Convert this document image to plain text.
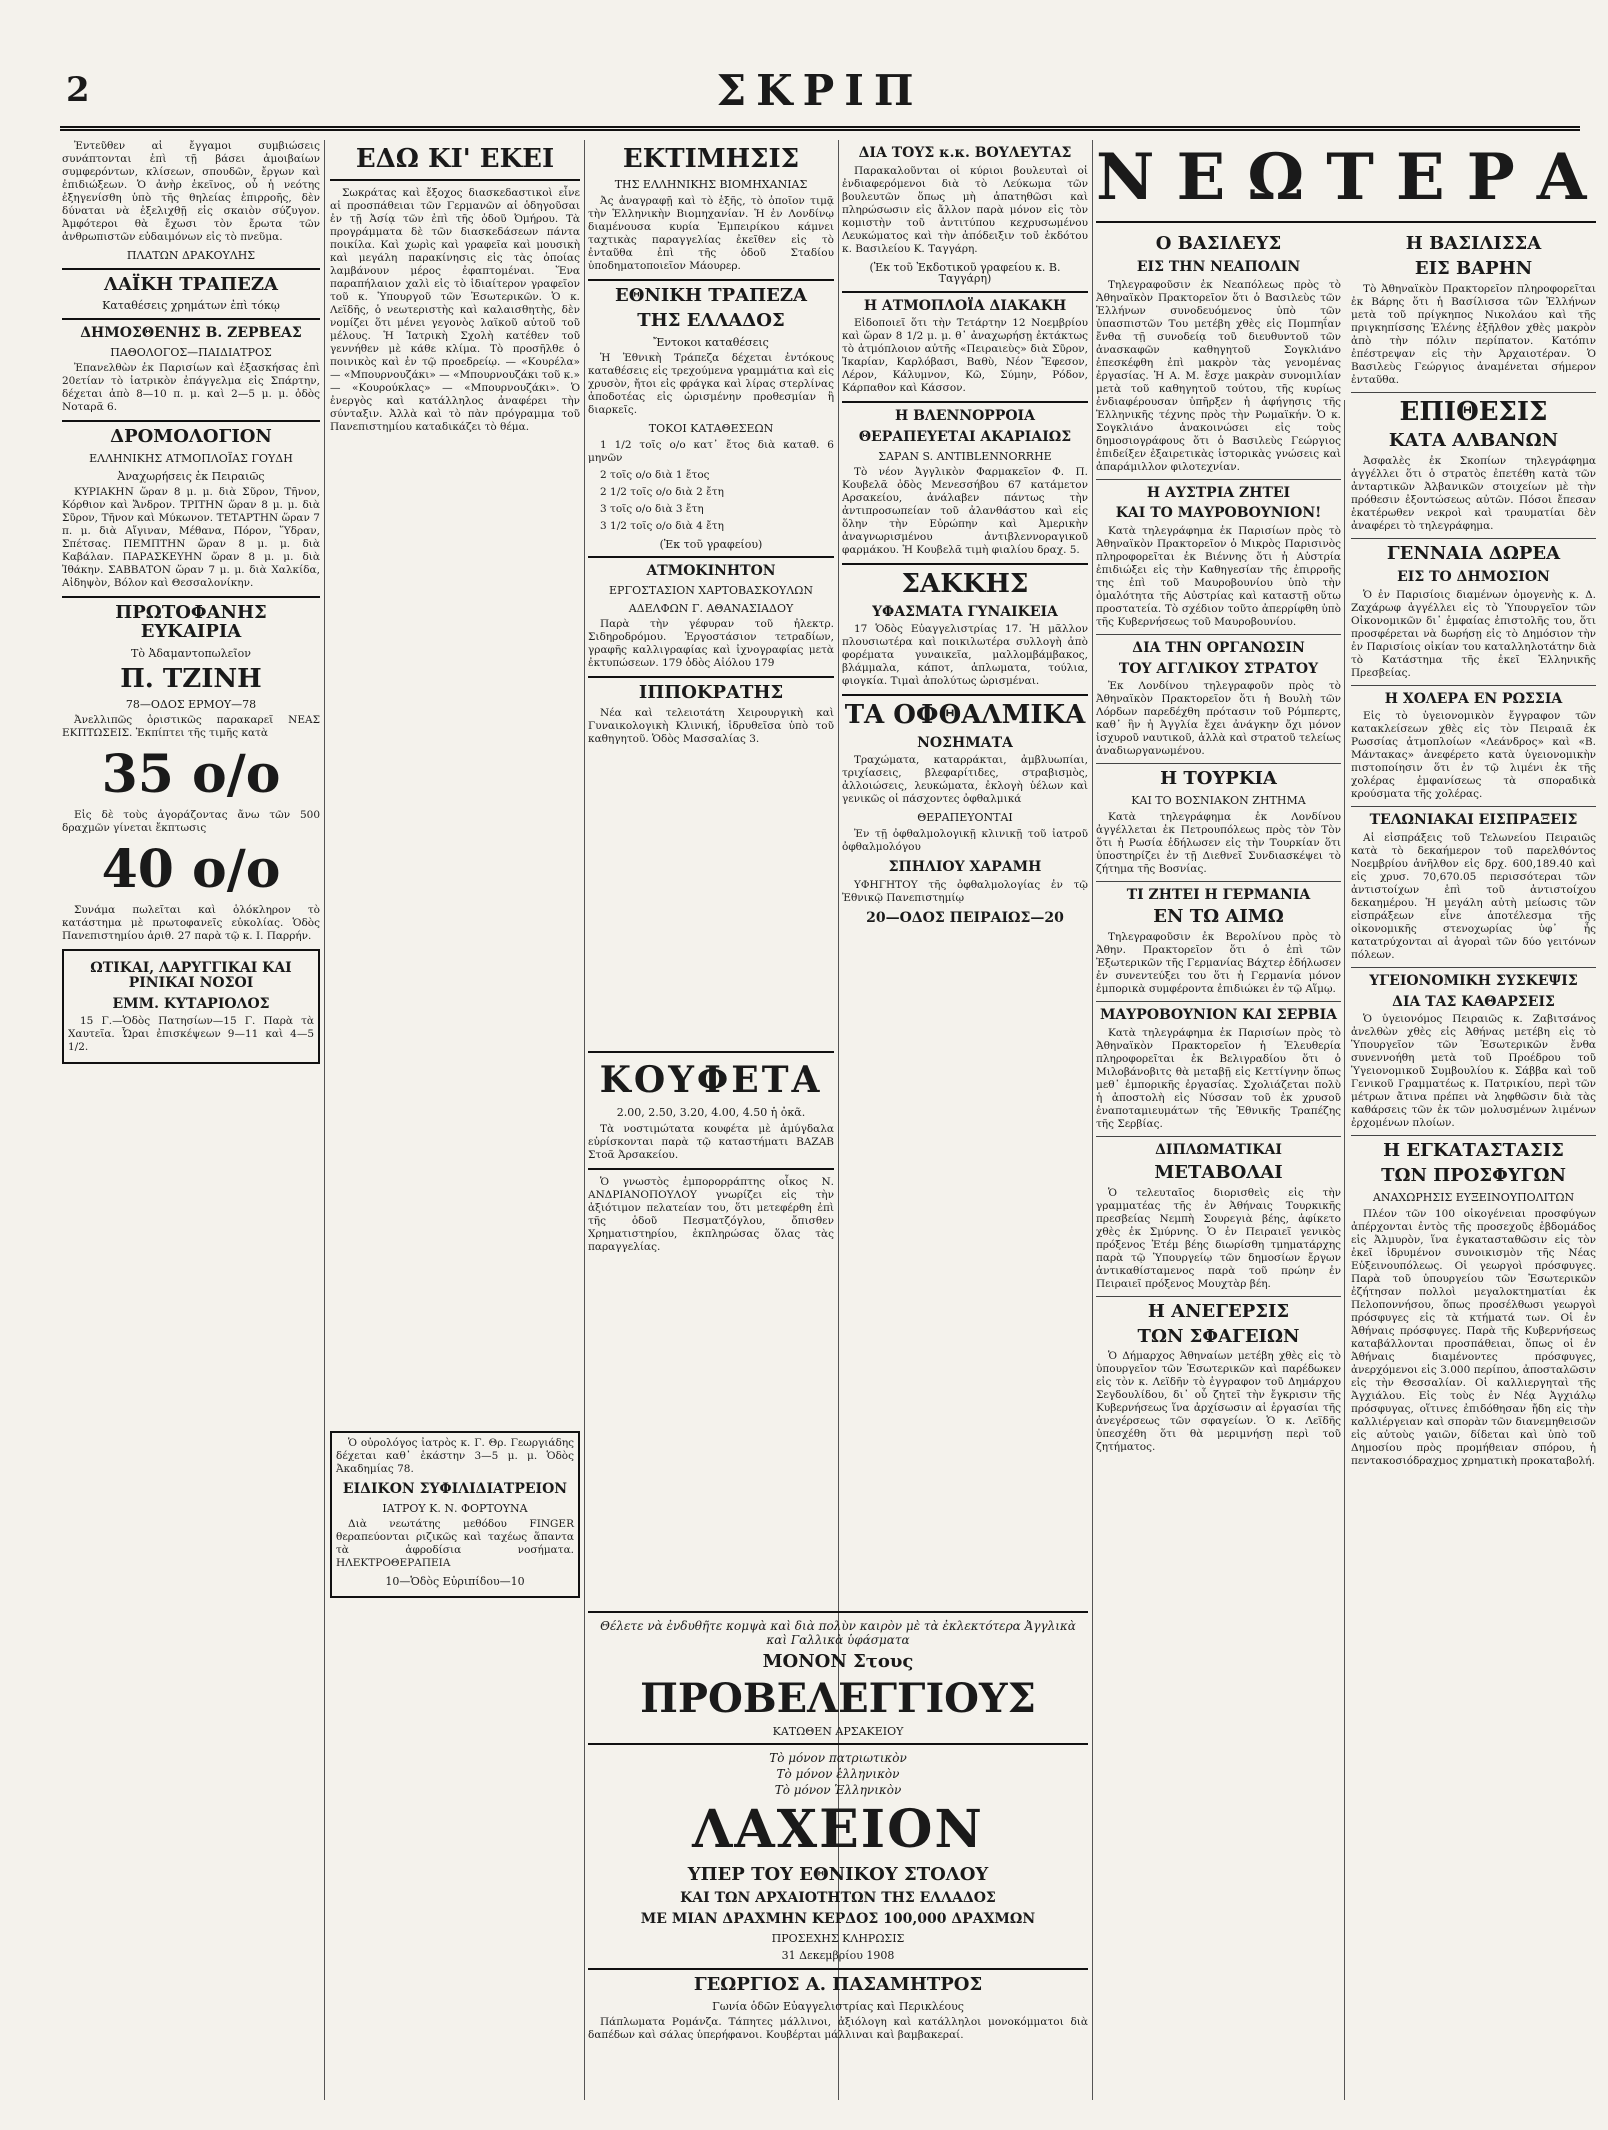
2	ΣΚΡΙΠ

Ἐντεῦθεν αἱ ἔγγαμοι συμβιώσεις συνάπτονται ἐπὶ τῇ βάσει ἀμοιβαίων συμφερόντων, κλίσεων, σπουδῶν, ἔργων καὶ ἐπιδιώξεων. Ὁ ἀνὴρ ἐκεῖνος, οὗ ἡ νεότης ἐξηγενίσθη ὑπὸ τῆς θηλείας ἐπιρροῆς, δὲν δύναται νὰ ἐξελιχθῇ εἰς σκαιὸν σύζυγον. Ἀμφότεροι θὰ ἔχωσι τὸν ἔρωτα τῶν ἀνθρωπιστῶν εὐδαιμόνων εἰς τὸ πνεῦμα.

ΠΛΑΤΩΝ ΔΡΑΚΟΥΛΗΣ
ΛΑΪΚΗ ΤΡΑΠΕΖΑ
Καταθέσεις χρημάτων ἐπὶ τόκῳ
ΔΗΜΟΣΘΕΝΗΣ Β. ΖΕΡΒΕΑΣ
ΠΑΘΟΛΟΓΟΣ—ΠΑΙΔΙΑΤΡΟΣ

Ἐπανελθὼν ἐκ Παρισίων καὶ ἐξασκήσας ἐπὶ 20ετίαν τὸ ἰατρικὸν ἐπάγγελμα εἰς Σπάρτην, δέχεται ἀπὸ 8—10 π. μ. καὶ 2—5 μ. μ. ὁδὸς Νοταρᾶ 6.

ΔΡΟΜΟΛΟΓΙΟΝ
ΕΛΛΗΝΙΚΗΣ ΑΤΜΟΠΛΟΪΑΣ ΓΟΥΔΗ
Ἀναχωρήσεις ἐκ Πειραιῶς

ΚΥΡΙΑΚΗΝ ὥραν 8 μ. μ. διὰ Σῦρον, Τῆνον, Κόρθιον καὶ Ἄνδρον. ΤΡΙΤΗΝ ὥραν 8 μ. μ. διὰ Σῦρον, Τῆνον καὶ Μύκωνον. ΤΕΤΑΡΤΗΝ ὥραν 7 π. μ. διὰ Αἴγιναν, Μέθανα, Πόρον, Ὕδραν, Σπέτσας. ΠΕΜΠΤΗΝ ὥραν 8 μ. μ. διὰ Καβάλαν. ΠΑΡΑΣΚΕΥΗΝ ὥραν 8 μ. μ. διὰ Ἰθάκην. ΣΑΒΒΑΤΟΝ ὥραν 7 μ. μ. διὰ Χαλκίδα, Αἰδηψὸν, Βόλον καὶ Θεσσαλονίκην.

ΠΡΩΤΟΦΑΝΗΣ ΕΥΚΑΙΡΙΑ
Τὸ Ἀδαμαντοπωλεῖον
Π. ΤΖΙΝΗ
78—ΟΔΟΣ ΕΡΜΟΥ—78

Ἀνελλιπῶς ὁριστικῶς παρακαρεῖ ΝΕΑΣ ΕΚΠΤΩΣΕΙΣ. Ἐκπίπτει τῆς τιμῆς κατὰ

35 ο/ο

Εἰς δὲ τοὺς ἀγοράζοντας ἄνω τῶν 500 δραχμῶν γίνεται ἔκπτωσις

40 ο/ο

Συνάμα πωλεῖται καὶ ὁλόκληρον τὸ κατάστημα μὲ πρωτοφανεῖς εὐκολίας. Ὁδὸς Πανεπιστημίου ἀριθ. 27 παρὰ τῷ κ. Ι. Παρρήν.

ΩΤΙΚΑΙ, ΛΑΡΥΓΓΙΚΑΙ ΚΑΙ ΡΙΝΙΚΑΙ ΝΟΣΟΙ
ΕΜΜ. ΚΥΤΑΡΙΟΛΟΣ

15 Γ.—Ὁδὸς Πατησίων—15 Γ. Παρὰ τὰ Χαυτεῖα. Ὧραι ἐπισκέψεων 9—11 καὶ 4—5 1/2.

ΕΔΩ ΚΙ' ΕΚΕΙ

Σωκράτας καὶ ἔξοχος διασκεδαστικοὶ εἶνε αἱ προσπάθειαι τῶν Γερμανῶν αἱ ὁδηγοῦσαι ἐν τῇ Ἀσίᾳ τῶν ἐπὶ τῆς ὁδοῦ Ὀμήρου. Τὰ προγράμματα δὲ τῶν διασκεδάσεων πάντα ποικίλα. Καὶ χωρὶς καὶ γραφεῖα καὶ μουσικὴ καὶ μεγάλη παρακίνησις εἰς τὰς ὁποίας λαμβάνουν μέρος ἐφαπτομέναι. Ἕνα παραπήλαιον χαλὶ εἰς τὸ ἱδιαίτερον γραφεῖον τοῦ κ. Ὑπουργοῦ τῶν Ἐσωτερικῶν. Ὁ κ. Λεϊδῆς, ὁ νεωτεριστὴς καὶ καλαισθητὴς, δὲν νομίζει ὅτι μένει γεγονὸς λαϊκοῦ αὐτοῦ τοῦ μέλους. Ἡ Ἰατρικὴ Σχολὴ κατέθεν τοῦ γεννήθεν μὲ κάθε κλίμα. Τὸ προσῆλθε ὁ ποινικὸς καὶ ἐν τῷ προεδρείῳ. — «Κουρέλα» — «Μπουρνουζάκι» — «Μπουρνουζάκι τοῦ κ.» — «Κουρούκλας» — «Μπουρνουζάκι». Ὁ ἐνεργὸς καὶ κατάλληλος ἀναφέρει τὴν σύνταξιν. Ἀλλὰ καὶ τὸ πὰν πρόγραμμα τοῦ Πανεπιστημίου καταδικάζει τὸ θέμα.

ΕΚΤΙΜΗΣΙΣ
ΤΗΣ ΕΛΛΗΝΙΚΗΣ ΒΙΟΜΗΧΑΝΙΑΣ

Ἀς ἀναγραφῇ καὶ τὸ ἑξῆς, τὸ ὁποῖον τιμᾷ τὴν Ἑλληνικὴν Βιομηχανίαν. Ἡ ἐν Λονδίνῳ διαμένουσα κυρία Ἐμπειρίκου κάμνει ταχτικὰς παραγγελίας ἐκεῖθεν εἰς τὸ ἐνταῦθα ἐπὶ τῆς ὁδοῦ Σταδίου ὑποδηματοποιεῖον Μάουρερ.

ΕΘΝΙΚΗ ΤΡΑΠΕΖΑ
ΤΗΣ ΕΛΛΑΔΟΣ
Ἔντοκοι καταθέσεις

Ἡ Ἐθνικὴ Τράπεζα δέχεται ἐντόκους καταθέσεις εἰς τρεχούμενα γραμμάτια καὶ εἰς χρυσὸν, ἤτοι εἰς φράγκα καὶ λίρας στερλίνας ἀποδοτέας εἰς ὡρισμένην προθεσμίαν ἢ διαρκεῖς.

ΤΟΚΟΙ ΚΑΤΑΘΕΣΕΩΝ

1 1/2 τοῖς ο/ο κατ᾽ ἔτος διὰ καταθ. 6 μηνῶν

2 τοῖς ο/ο διὰ 1 ἔτος

2 1/2 τοῖς ο/ο διὰ 2 ἔτη

3 τοῖς ο/ο διὰ 3 ἔτη

3 1/2 τοῖς ο/ο διὰ 4 ἔτη

(Ἐκ τοῦ γραφείου)
ΑΤΜΟΚΙΝΗΤΟΝ
ΕΡΓΟΣΤΑΣΙΟΝ ΧΑΡΤΟΒΑΣΚΟΥΛΩΝ
ΑΔΕΛΦΩΝ Γ. ΑΘΑΝΑΣΙΑΔΟΥ

Παρὰ τὴν γέφυραν τοῦ ἠλεκτρ. Σιδηροδρόμου. Ἐργοστάσιον τετραδίων, γραφῆς καλλιγραφίας καὶ ἰχνογραφίας μετὰ ἐκτυπώσεων. 179 ὁδὸς Αἰόλου 179

ΙΠΠΟΚΡΑΤΗΣ

Νέα καὶ τελειοτάτη Χειρουργικὴ καὶ Γυναικολογικὴ Κλινική, ἱδρυθεῖσα ὑπὸ τοῦ καθηγητοῦ. Ὁδὸς Μασσαλίας 3.

ΔΙΑ ΤΟΥΣ κ.κ. ΒΟΥΛΕΥΤΑΣ

Παρακαλοῦνται οἱ κύριοι βουλευταὶ οἱ ἐνδιαφερόμενοι διὰ τὸ Λεύκωμα τῶν βουλευτῶν ὅπως μὴ ἀπατηθῶσι καὶ πληρώσωσιν εἰς ἄλλον παρὰ μόνον εἰς τὸν κομιστὴν τοῦ ἀντιτύπου κεχρυσωμένου Λευκώματος καὶ τὴν ἀπόδειξιν τοῦ ἐκδότου κ. Βασιλείου Κ. Ταγγάρη.

(Ἐκ τοῦ Ἐκδοτικοῦ γραφείου κ. Β. Ταγγάρη)
Η ΑΤΜΟΠΛΟΪΑ ΔΙΑΚΑΚΗ

Εἰδοποιεῖ ὅτι τὴν Τετάρτην 12 Νοεμβρίου καὶ ὥραν 8 1/2 μ. μ. θ᾽ ἀναχωρήσῃ ἐκτάκτως τὸ ἀτμόπλοιον αὐτῆς «Πειραιεὺς» διὰ Σῦρον, Ἰκαρίαν, Καρλόβασι, Βαθὺ, Νέον Ἔφεσον, Λέρον, Κάλυμνον, Κῶ, Σύμην, Ρόδον, Κάρπαθον καὶ Κάσσον.

Η ΒΛΕΝΝΟΡΡΟΙΑ
ΘΕΡΑΠΕΥΕΤΑΙ ΑΚΑΡΙΑΙΩΣ
ΣΑΡΑΝ S. ANTIBLENNORRHE

Τὸ νέον Ἀγγλικὸν Φαρμακεῖον Φ. Π. Κουβελᾶ ὁδὸς Μενεσσήβου 67 κατάμετον Αρσακείου, ἀνάλαβεν πάντως τὴν ἀντιπροσωπείαν τοῦ ἀλανθάστου καὶ εἰς ὅλην τὴν Εὐρώπην καὶ Ἀμερικὴν ἀναγνωρισμένου ἀντιβλεννοραγικοῦ φαρμάκου. Ἡ Κουβελᾶ τιμὴ φιαλίου δραχ. 5.

ΣΑΚΚΗΣ
ΥΦΑΣΜΑΤΑ ΓΥΝΑΙΚΕΙΑ

17 Ὁδὸς Εὐαγγελιστρίας 17. Ἡ μᾶλλον πλουσιωτέρα καὶ ποικιλωτέρα συλλογὴ ἀπὸ φορέματα γυναικεῖα, μαλλομβάμβακος, βλάμμαλα, κάποτ, ἀπλωματα, τούλια, φιογκία. Τιμαὶ ἀπολύτως ὡρισμέναι.

ΤΑ ΟΦΘΑΛΜΙΚΑ
ΝΟΣΗΜΑΤΑ

Τραχώματα, καταρράκται, ἀμβλυωπίαι, τριχίασεις, βλεφαρίτιδες, στραβισμὸς, ἀλλοιώσεις, λευκώματα, ἐκλογὴ ὑέλων καὶ γενικῶς οἱ πάσχοντες ὀφθαλμικά

ΘΕΡΑΠΕΥΟΝΤΑΙ

Ἐν τῇ ὀφθαλμολογικῇ κλινικῇ τοῦ ἰατροῦ ὀφθαλμολόγου

ΣΠΗΛΙΟΥ ΧΑΡΑΜΗ

ΥΦΗΓΗΤΟΥ τῆς ὀφθαλμολογίας ἐν τῷ Ἐθνικῷ Πανεπιστημίῳ

20—ΟΔΟΣ ΠΕΙΡΑΙΩΣ—20
ΚΟΥΦΕΤΑ
2.00, 2.50, 3.20, 4.00, 4.50 ἡ ὀκᾶ.

Τὰ νοστιμώτατα κουφέτα μὲ ἀμύγδαλα εὐρίσκονται παρὰ τῷ καταστήματι ΒΑΖΑΒ Στοᾶ Ἀρσακείου.

Ὁ γνωστὸς ἐμπορορράπτης οἶκος Ν. ΑΝΔΡΙΑΝΟΠΟΥΛΟΥ γνωρίζει εἰς τὴν ἀξιότιμον πελατείαν του, ὅτι μετεφέρθη ἐπὶ τῆς ὁδοῦ Πεσματζόγλου, ὄπισθεν Χρηματιστηρίου, ἐκπληρώσας ὅλας τὰς παραγγελίας.

Ὁ οὐρολόγος ἰατρὸς κ. Γ. Θρ. Γεωργιάδης δέχεται καθ᾽ ἑκάστην 3—5 μ. μ. Ὁδὸς Ἀκαδημίας 78.

ΕΙΔΙΚΟΝ ΣΥΦΙΛΙΔΙΑΤΡΕΙΟΝ
ΙΑΤΡΟΥ Κ. Ν. ΦΟΡΤΟΥΝΑ

Διὰ νεωτάτης μεθόδου FINGER θεραπεύονται ριζικῶς καὶ ταχέως ἅπαντα τὰ ἀφροδίσια νοσήματα. ΗΛΕΚΤΡΟΘΕΡΑΠΕΙΑ

10—Ὁδὸς Εὐριπίδου—10
Θέλετε νὰ ἐνδυθῆτε κομψὰ καὶ διὰ πολὺν καιρὸν μὲ τὰ ἐκλεκτότερα Ἀγγλικὰ καὶ Γαλλικὰ ὑφάσματα
ΜΟΝΟΝ Στους
ΠΡΟΒΕΛΕΓΓΙΟΥΣ
ΚΑΤΩΘΕΝ ΑΡΣΑΚΕΙΟΥ
Τὸ μόνον πατριωτικὸν
Τὸ μόνον ἑλληνικὸν
Τὸ μόνον Ἑλληνικὸν
ΛΑΧΕΙΟΝ
ΥΠΕΡ ΤΟΥ ΕΘΝΙΚΟΥ ΣΤΟΛΟΥ
ΚΑΙ ΤΩΝ ΑΡΧΑΙΟΤΗΤΩΝ ΤΗΣ ΕΛΛΑΔΟΣ
ΜΕ ΜΙΑΝ ΔΡΑΧΜΗΝ ΚΕΡΔΟΣ 100,000 ΔΡΑΧΜΩΝ
ΠΡΟΣΕΧΗΣ ΚΛΗΡΩΣΙΣ
31 Δεκεμβρίου 1908
ΓΕΩΡΓΙΟΣ Α. ΠΑΣΑΜΗΤΡΟΣ
Γωνία ὁδῶν Εὐαγγελιστρίας καὶ Περικλέους

Πάπλωματα Ρομάνζα. Τάπητες μάλλινοι, ἀξιόλογη καὶ κατάλληλοι μονοκόμματοι διὰ δαπέδων καὶ σάλας ὑπερήφανοι. Κουβέρται μάλλιναι καὶ βαμβακεραί.

ΝΕΩΤΕΡΑ
Ο ΒΑΣΙΛΕΥΣ
ΕΙΣ ΤΗΝ ΝΕΑΠΟΛΙΝ

Τηλεγραφοῦσιν ἐκ Νεαπόλεως πρὸς τὸ Ἀθηναϊκὸν Πρακτορεῖον ὅτι ὁ Βασιλεὺς τῶν Ἑλλήνων συνοδευόμενος ὑπὸ τῶν ὑπασπιστῶν Του μετέβη χθὲς εἰς Πομπηΐαν ἔνθα τῇ συνοδείᾳ τοῦ διευθυντοῦ τῶν ἀνασκαφῶν καθηγητοῦ Σογκλιάνο ἐπεσκέφθη ἐπὶ μακρὸν τὰς γενομένας ἐργασίας. Ἡ Α. Μ. ἔσχε μακρὰν συνομιλίαν μετὰ τοῦ καθηγητοῦ τούτου, τῆς κυρίως ἐνδιαφέρουσαν ὑπῆρξεν ἡ ἀφήγησις τῆς Ἑλληνικῆς τέχνης πρὸς τὴν Ρωμαϊκήν. Ὁ κ. Σογκλιάνο ἀνακοινώσει εἰς τοὺς δημοσιογράφους ὅτι ὁ Βασιλεὺς Γεώργιος ἐπιδείξεν ἐξαιρετικὰς ἱστορικὰς γνώσεις καὶ ἀπαράμιλλον φιλοτεχνίαν.

Η ΑΥΣΤΡΙΑ ΖΗΤΕΙ
ΚΑΙ ΤΟ ΜΑΥΡΟΒΟΥΝΙΟΝ!

Κατὰ τηλεγράφημα ἐκ Παρισίων πρὸς τὸ Ἀθηναϊκὸν Πρακτορεῖον ὁ Μικρὸς Παρισινὸς πληροφορεῖται ἐκ Βιέννης ὅτι ἡ Αὐστρία ἐπιδιώξει εἰς τὴν Καθηγεσίαν τῆς ἐπιρροῆς της ἐπὶ τοῦ Μαυροβουνίου ὑπὸ τὴν ὁμαλότητα τῆς Αὐστρίας καὶ καταστῇ οὕτω προστατεία. Τὸ σχέδιον τοῦτο ἀπερρίφθη ὑπὸ τῆς Κυβερνήσεως τοῦ Μαυροβουνίου.

ΔΙΑ ΤΗΝ ΟΡΓΑΝΩΣΙΝ
ΤΟΥ ΑΓΓΛΙΚΟΥ ΣΤΡΑΤΟΥ

Ἐκ Λονδίνου τηλεγραφοῦν πρὸς τὸ Ἀθηναϊκὸν Πρακτορεῖον ὅτι ἡ Βουλὴ τῶν Λόρδων παρεδέχθη πρότασιν τοῦ Ρόμπερτς, καθ᾽ ἣν ἡ Ἀγγλία ἔχει ἀνάγκην ὄχι μόνον ἰσχυροῦ ναυτικοῦ, ἀλλὰ καὶ στρατοῦ τελείως ἀναδιωργανωμένου.

Η ΤΟΥΡΚΙΑ
ΚΑΙ ΤΟ ΒΟΣΝΙΑΚΟΝ ΖΗΤΗΜΑ

Κατὰ τηλεγράφημα ἐκ Λονδίνου ἀγγέλλεται ἐκ Πετρουπόλεως πρὸς τὸν Τὸν ὅτι ἡ Ρωσία ἐδήλωσεν εἰς τὴν Τουρκίαν ὅτι ὑποστηρίζει ἐν τῇ Διεθνεῖ Συνδιασκέψει τὸ ζήτημα τῆς Βοσνίας.

ΤΙ ΖΗΤΕΙ Η ΓΕΡΜΑΝΙΑ
ΕΝ ΤΩ ΑΙΜΩ

Τηλεγραφοῦσιν ἐκ Βερολίνου πρὸς τὸ Ἀθην. Πρακτορεῖον ὅτι ὁ ἐπὶ τῶν Ἐξωτερικῶν τῆς Γερμανίας Βάχτερ ἐδήλωσεν ἐν συνεντεύξει του ὅτι ἡ Γερμανία μόνον ἐμπορικὰ συμφέροντα ἐπιδιώκει ἐν τῷ Αἵμῳ.

ΜΑΥΡΟΒΟΥΝΙΟΝ ΚΑΙ ΣΕΡΒΙΑ

Κατὰ τηλεγράφημα ἐκ Παρισίων πρὸς τὸ Ἀθηναϊκὸν Πρακτορεῖον ἡ Ἐλευθερία πληροφορεῖται ἐκ Βελιγραδίου ὅτι ὁ Μιλοβάνοβιτς θὰ μεταβῇ εἰς Κεττίγνην ὅπως μεθ᾽ ἐμπορικῆς ἐργασίας. Σχολιάζεται πολὺ ἡ ἀποστολὴ εἰς Νύσσαν τοῦ ἐκ χρυσοῦ ἐναποταμιευμάτων τῆς Ἐθνικῆς Τραπέζης τῆς Σερβίας.

ΔΙΠΛΩΜΑΤΙΚΑΙ
ΜΕΤΑΒΟΛΑΙ

Ὁ τελευταῖος διορισθεὶς εἰς τὴν γραμματέας τῆς ἐν Ἀθήναις Τουρκικῆς πρεσβείας Νεμπὴ Σουρεγιὰ βέης, ἀφίκετο χθὲς ἐκ Σμύρνης. Ὁ ἐν Πειραιεῖ γενικὸς πρόξενος Ἐτέμ βέης διωρίσθη τμηματάρχης παρὰ τῷ Ὑπουργείῳ τῶν δημοσίων ἔργων ἀντικαθίσταμενος παρὰ τοῦ πρώην ἐν Πειραιεῖ πρόξενος Μουχτὰρ βέη.

Η ΑΝΕΓΕΡΣΙΣ
ΤΩΝ ΣΦΑΓΕΙΩΝ

Ὁ Δήμαρχος Ἀθηναίων μετέβη χθὲς εἰς τὸ ὑπουργεῖον τῶν Ἐσωτερικῶν καὶ παρέδωκεν εἰς τὸν κ. Λεϊδῆν τὸ ἐγγραφον τοῦ Δημάρχου Σεγδουλίδου, δι᾽ οὗ ζητεῖ τὴν ἔγκρισιν τῆς Κυβερνήσεως ἵνα ἀρχίσωσιν αἱ ἐργασίαι τῆς ἀνεγέρσεως τῶν σφαγείων. Ὁ κ. Λεϊδῆς ὑπεσχέθη ὅτι θὰ μεριμνήσῃ περὶ τοῦ ζητήματος.

Η ΒΑΣΙΛΙΣΣΑ
ΕΙΣ ΒΑΡΗΝ

Τὸ Ἀθηναϊκὸν Πρακτορεῖον πληροφορεῖται ἐκ Βάρης ὅτι ἡ Βασίλισσα τῶν Ἑλλήνων μετὰ τοῦ πρίγκηπος Νικολάου καὶ τῆς πριγκηπίσσης Ἑλένης ἐξῆλθον χθὲς μακρὸν ἀπὸ τὴν πόλιν περίπατον. Κατόπιν ἐπέστρεψαν εἰς τὴν Ἀρχαιοτέραν. Ὁ Βασιλεὺς Γεώργιος ἀναμένεται σήμερον ἐνταῦθα.

ΕΠΙΘΕΣΙΣ
ΚΑΤΑ ΑΛΒΑΝΩΝ

Ἀσφαλὲς ἐκ Σκοπίων τηλεγράφημα ἀγγέλλει ὅτι ὁ στρατὸς ἐπετέθη κατὰ τῶν ἀνταρτικῶν Ἀλβανικῶν στοιχείων μὲ τὴν πρόθεσιν ἐξοντώσεως αὐτῶν. Πόσοι ἔπεσαν ἑκατέρωθεν νεκροὶ καὶ τραυματίαι δὲν ἀναφέρει τὸ τηλεγράφημα.

ΓΕΝΝΑΙΑ ΔΩΡΕΑ
ΕΙΣ ΤΟ ΔΗΜΟΣΙΟΝ

Ὁ ἐν Παρισίοις διαμένων ὁμογενὴς κ. Δ. Ζαχάρωφ ἀγγέλλει εἰς τὸ Ὑπουργεῖον τῶν Οἰκονομικῶν δι᾽ ἐμφαίας ἐπιστολῆς του, ὅτι προσφέρεται νὰ δωρήσῃ εἰς τὸ Δημόσιον τὴν ἐν Παρισίοις οἰκίαν του καταλληλοτάτην διὰ τὸ Κατάστημα τῆς ἐκεῖ Ἑλληνικῆς Πρεσβείας.

Η ΧΟΛΕΡΑ ΕΝ ΡΩΣΣΙΑ

Εἰς τὸ ὑγειονομικὸν ἔγγραφον τῶν κατακλείσεων χθὲς εἰς τὸν Πειραιᾶ ἐκ Ρωσσίας ἀτμοπλοίων «Λεάνδρος» καὶ «Β. Μάντακας» ἀνεφέρετο κατὰ ὑγειονομικὴν πιστοποίησιν ὅτι ἐν τῷ λιμένι ἐκ τῆς χολέρας ἐμφανίσεως τὰ σποραδικὰ κρούσματα τῆς χολέρας.

ΤΕΛΩΝΙΑΚΑΙ ΕΙΣΠΡΑΞΕΙΣ

Αἱ εἰσπράξεις τοῦ Τελωνείου Πειραιῶς κατὰ τὸ δεκαήμερον τοῦ παρελθόντος Νοεμβρίου ἀνῆλθον εἰς δρχ. 600,189.40 καὶ εἰς χρυσ. 70,670.05 περισσότεραι τῶν ἀντιστοίχων ἑπὶ τοῦ ἀντιστοίχου δεκαημέρου. Ἡ μεγάλη αὐτὴ μείωσις τῶν εἰσπράξεων εἶνε ἀποτέλεσμα τῆς οἰκονομικῆς στενοχωρίας ὑφ᾽ ἧς κατατρύχονται αἱ ἀγοραὶ τῶν δύο γειτόνων πόλεων.

ΥΓΕΙΟΝΟΜΙΚΗ ΣΥΣΚΕΨΙΣ
ΔΙΑ ΤΑΣ ΚΑΘΑΡΣΕΙΣ

Ὁ ὑγειονόμος Πειραιῶς κ. Ζαβιτσάνος ἀνελθὼν χθὲς εἰς Ἀθήνας μετέβη εἰς τὸ Ὑπουργεῖον τῶν Ἐσωτερικῶν ἔνθα συνεννοήθη μετὰ τοῦ Προέδρου τοῦ Ὑγειονομικοῦ Συμβουλίου κ. Σάββα καὶ τοῦ Γενικοῦ Γραμματέως κ. Πατρικίου, περὶ τῶν μέτρων ἄτινα πρέπει νὰ ληφθῶσιν διὰ τὰς καθάρσεις τῶν ἐκ τῶν μολυσμένων λιμένων ἐρχομένων πλοίων.

Η ΕΓΚΑΤΑΣΤΑΣΙΣ
ΤΩΝ ΠΡΟΣΦΥΓΩΝ
ΑΝΑΧΩΡΗΣΙΣ ΕΥΞΕΙΝΟΥΠΟΛΙΤΩΝ

Πλέον τῶν 100 οἰκογένειαι προσφύγων ἀπέρχονται ἐντὸς τῆς προσεχοῦς ἑβδομάδος εἰς Ἀλμυρὸν, ἵνα ἐγκατασταθῶσιν εἰς τὸν ἐκεῖ ἱδρυμένον συνοικισμὸν τῆς Νέας Εὐξεινουπόλεως. Οἱ γεωργοὶ πρόσφυγες. Παρὰ τοῦ ὑπουργείου τῶν Ἐσωτερικῶν ἐζήτησαν πολλοὶ μεγαλοκτηματίαι ἐκ Πελοποννήσου, ὅπως προσέλθωσι γεωργοὶ πρόσφυγες εἰς τὰ κτήματά των. Οἱ ἐν Ἀθήναις πρόσφυγες. Παρὰ τῆς Κυβερνήσεως καταβάλλονται προσπάθειαι, ὅπως οἱ ἐν Ἀθήναις διαμένοντες πρόσφυγες, ἀνερχόμενοι εἰς 3.000 περίπου, ἀποσταλῶσιν εἰς τὴν Θεσσαλίαν. Οἱ καλλιεργηταὶ τῆς Ἀγχιάλου. Εἰς τοὺς ἐν Νέᾳ Ἀγχιάλῳ πρόσφυγας, οἵτινες ἐπιδόθησαν ἤδη εἰς τὴν καλλιέργειαν καὶ σπορὰν τῶν διανεμηθεισῶν εἰς αὐτοὺς γαιῶν, δίδεται καὶ ὑπὸ τοῦ Δημοσίου πρὸς προμήθειαν σπόρου, ἡ πεντακοσιόδραχμος χρηματικὴ προκαταβολή.
